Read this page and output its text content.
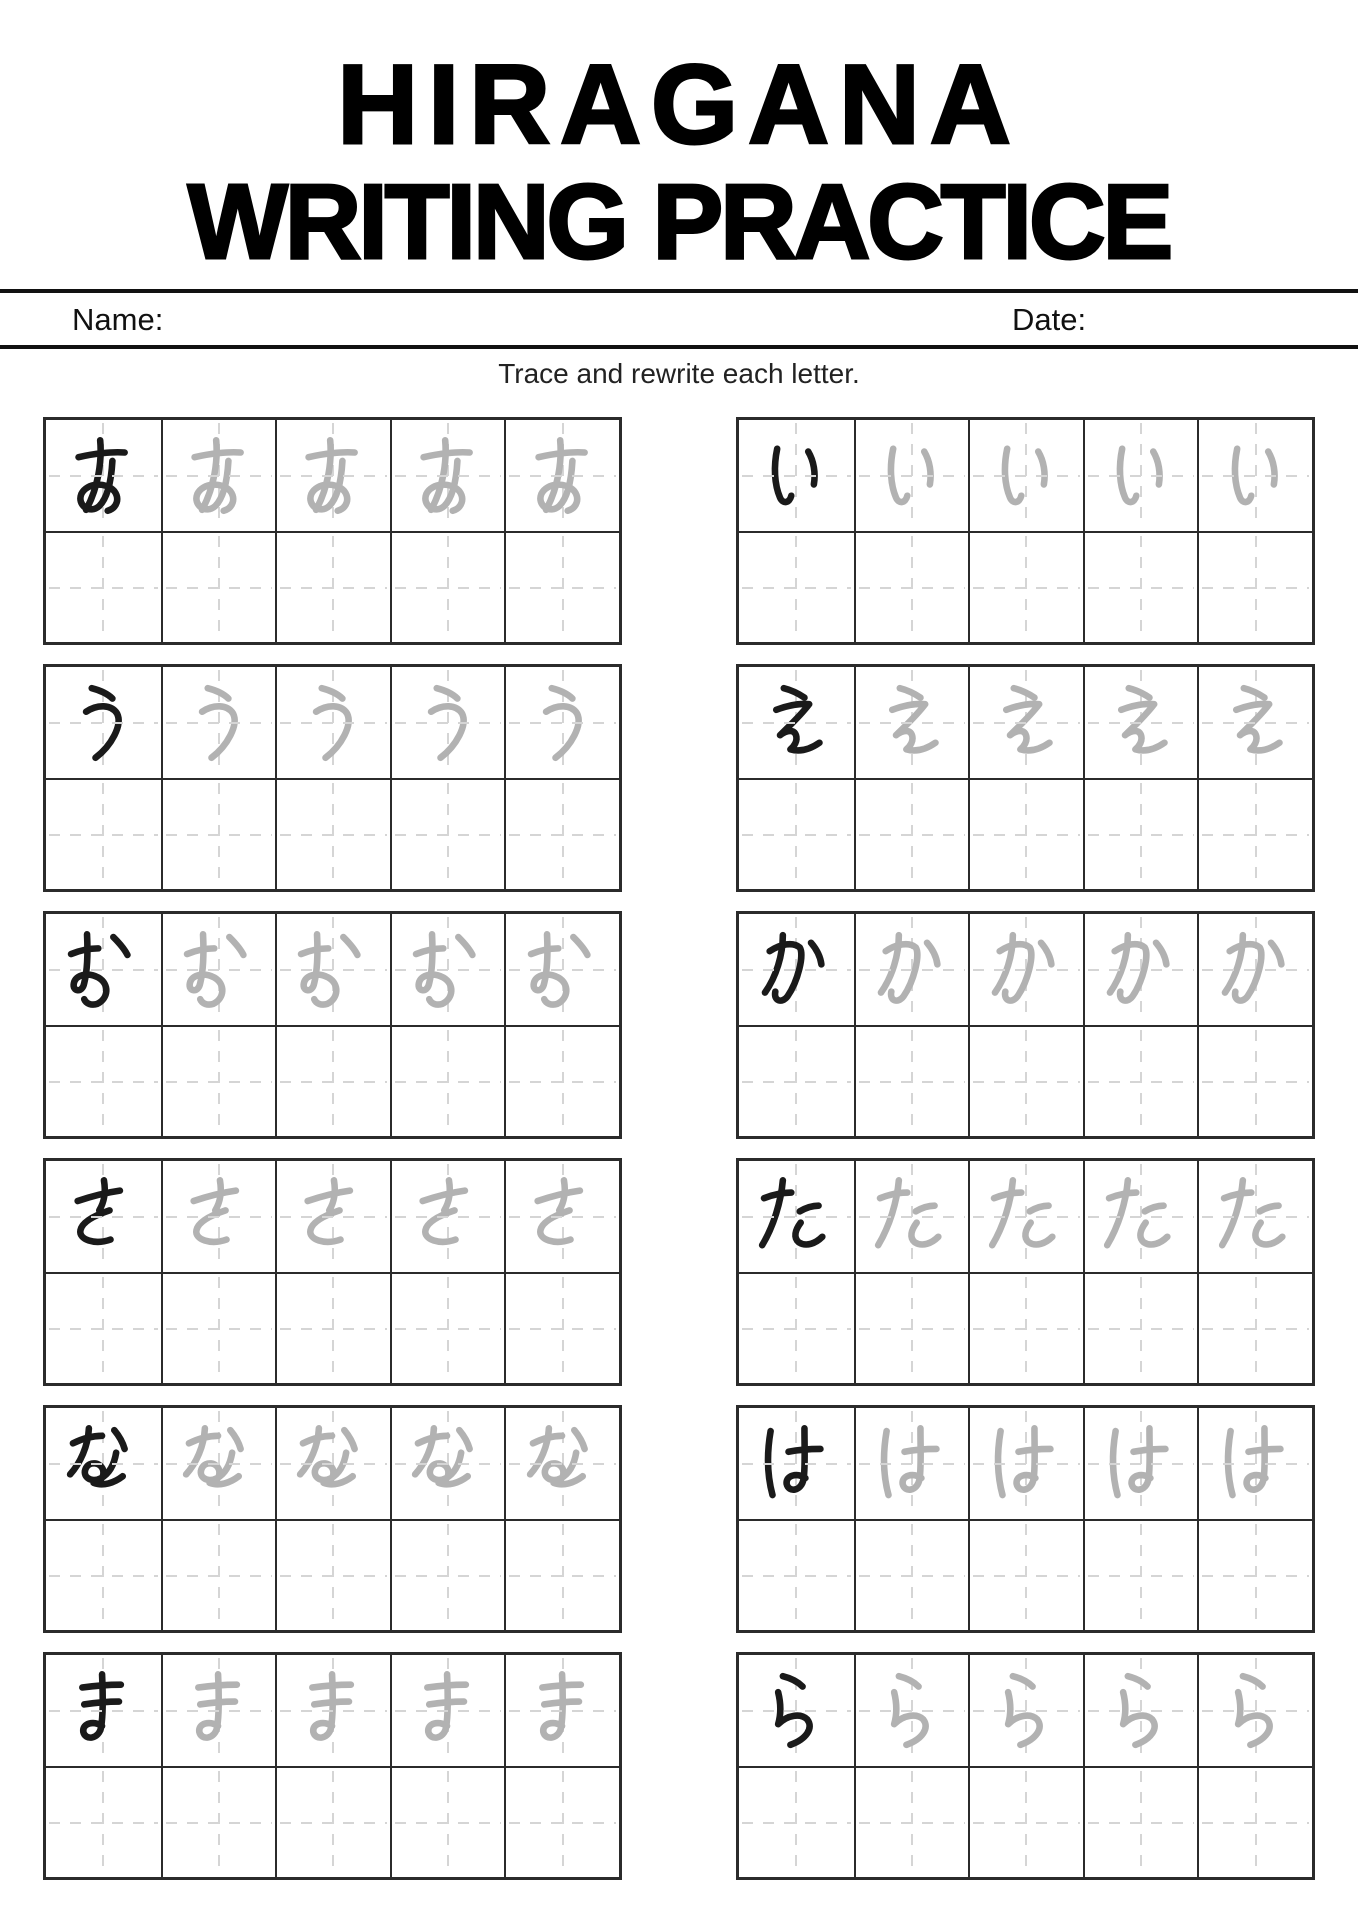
HIRAGANA
WRITING PRACTICE
Name:	Date:
Trace and rewrite each letter.
